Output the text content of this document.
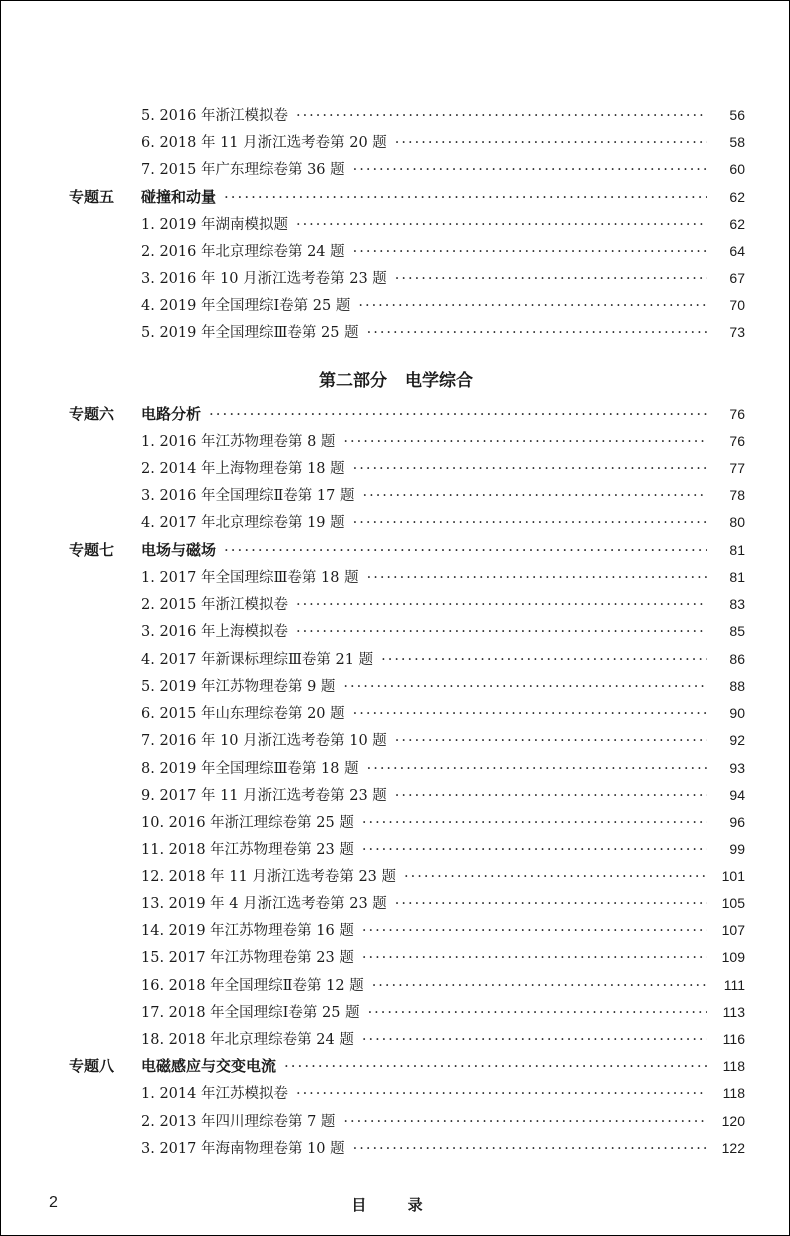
5. 2016 年浙江模拟卷 ·····	56
6. 2018 年 11 月浙江选考卷第 20 题 ·····	58
7. 2015 年广东理综卷第 36 题 ·····	60
专题五	碰撞和动量 ·····	62
1. 2019 年湖南模拟题 ·····	62
2. 2016 年北京理综卷第 24 题 ·····	64
3. 2016 年 10 月浙江选考卷第 23 题 ·····	67
4. 2019 年全国理综Ⅰ卷第 25 题 ·····	70
5. 2019 年全国理综Ⅲ卷第 25 题 ·····	73
第二部分 电学综合
专题六	电路分析 ·····	76
1. 2016 年江苏物理卷第 8 题 ·····	76
2. 2014 年上海物理卷第 18 题 ·····	77
3. 2016 年全国理综Ⅱ卷第 17 题 ·····	78
4. 2017 年北京理综卷第 19 题 ·····	80
专题七	电场与磁场 ·····	81
1. 2017 年全国理综Ⅲ卷第 18 题 ·····	81
2. 2015 年浙江模拟卷 ·····	83
3. 2016 年上海模拟卷 ·····	85
4. 2017 年新课标理综Ⅲ卷第 21 题 ·····	86
5. 2019 年江苏物理卷第 9 题 ·····	88
6. 2015 年山东理综卷第 20 题 ·····	90
7. 2016 年 10 月浙江选考卷第 10 题 ·····	92
8. 2019 年全国理综Ⅲ卷第 18 题 ·····	93
9. 2017 年 11 月浙江选考卷第 23 题 ·····	94
10. 2016 年浙江理综卷第 25 题 ·····	96
11. 2018 年江苏物理卷第 23 题 ·····	99
12. 2018 年 11 月浙江选考卷第 23 题 ·····	101
13. 2019 年 4 月浙江选考卷第 23 题 ·····	105
14. 2019 年江苏物理卷第 16 题 ·····	107
15. 2017 年江苏物理卷第 23 题 ·····	109
16. 2018 年全国理综Ⅱ卷第 12 题 ·····	111
17. 2018 年全国理综Ⅰ卷第 25 题 ·····	113
18. 2018 年北京理综卷第 24 题 ·····	116
专题八	电磁感应与交变电流 ·····	118
1. 2014 年江苏模拟卷 ·····	118
2. 2013 年四川理综卷第 7 题 ·····	120
3. 2017 年海南物理卷第 10 题 ·····	122
2	目 录
